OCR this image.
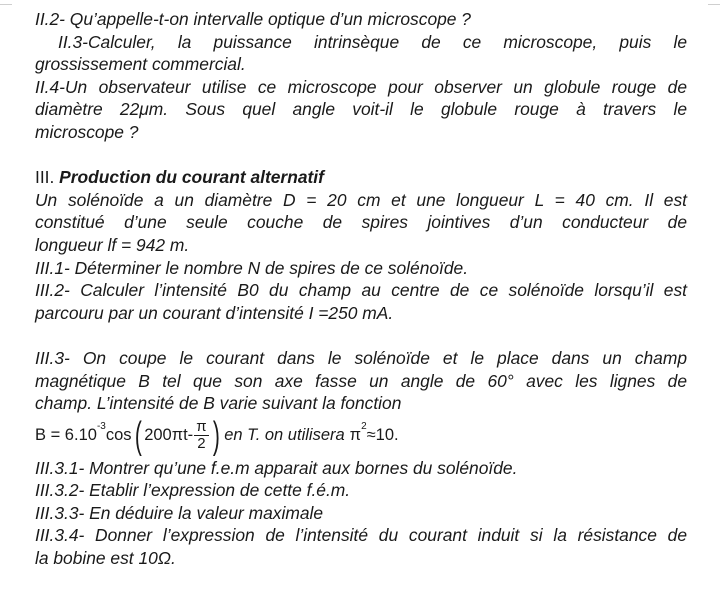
II.2- Qu’appelle-t-on intervalle optique d’un microscope ?
II.3-Calculer, la puissance intrinsèque de ce microscope, puis le
grossissement commercial.
II.4-Un observateur utilise ce microscope pour observer un globule rouge de
diamètre 22μm. Sous quel angle voit-il le globule rouge à travers le
microscope ?
III. Production du courant alternatif
Un solénoïde a un diamètre D = 20 cm et une longueur L = 40 cm. Il est
constitué d’une seule couche de spires jointives d’un conducteur de
longueur lf = 942 m.
III.1- Déterminer le nombre N de spires de ce solénoïde.
III.2- Calculer l’intensité B0 du champ au centre de ce solénoïde lorsqu’il est
parcouru par un courant d’intensité I =250 mA.
III.3- On coupe le courant dans le solénoïde et le place dans un champ
magnétique B tel que son axe fasse un angle de 60° avec les lignes de
champ. L’intensité de B varie suivant la fonction
B = 6.10 -3 cos ( $200\pi t- \frac{\pi}{2}$ ) en T. on utilisera π 2 ≈10.
III.3.1- Montrer qu’une f.e.m apparait aux bornes du solénoïde.
III.3.2- Etablir l’expression de cette f.é.m.
III.3.3- En déduire la valeur maximale
III.3.4- Donner l’expression de l’intensité du courant induit si la résistance de
la bobine est 10Ω.
